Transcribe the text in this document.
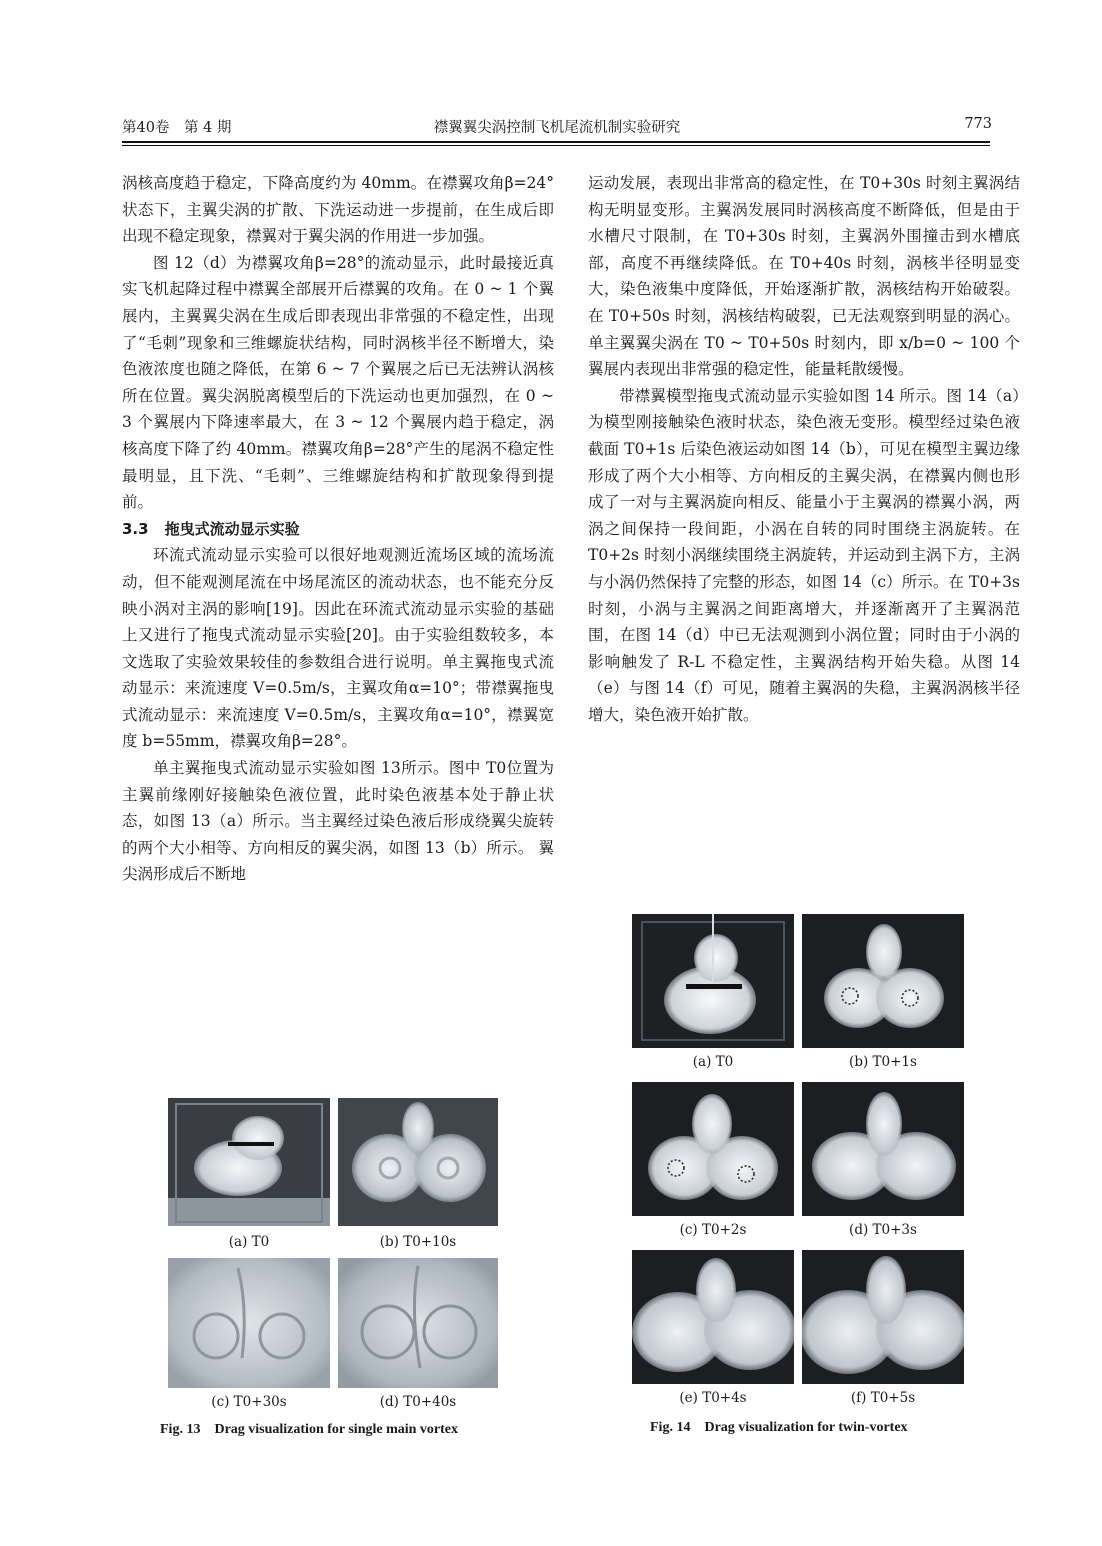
第40卷　第 4 期	襟翼翼尖涡控制飞机尾流机制实验研究	773

涡核高度趋于稳定，下降高度约为 40mm。在襟翼攻角β=24°状态下，主翼尖涡的扩散、下洗运动进一步提前，在生成后即出现不稳定现象，襟翼对于翼尖涡的作用进一步加强。

图 12（d）为襟翼攻角β=28°的流动显示，此时最接近真实飞机起降过程中襟翼全部展开后襟翼的攻角。在 0 ~ 1 个翼展内，主翼翼尖涡在生成后即表现出非常强的不稳定性，出现了“毛刺”现象和三维螺旋状结构，同时涡核半径不断增大，染色液浓度也随之降低，在第 6 ~ 7 个翼展之后已无法辨认涡核所在位置。翼尖涡脱离模型后的下洗运动也更加强烈，在 0 ~ 3 个翼展内下降速率最大，在 3 ~ 12 个翼展内趋于稳定，涡核高度下降了约 40mm。襟翼攻角β=28°产生的尾涡不稳定性最明显，且下洗、“毛刺”、三维螺旋结构和扩散现象得到提前。

3.3 拖曳式流动显示实验

环流式流动显示实验可以很好地观测近流场区域的流场流动，但不能观测尾流在中场尾流区的流动状态，也不能充分反映小涡对主涡的影响[19]。因此在环流式流动显示实验的基础上又进行了拖曳式流动显示实验[20]。由于实验组数较多，本文选取了实验效果较佳的参数组合进行说明。单主翼拖曳式流动显示：来流速度 V=0.5m/s，主翼攻角α=10°；带襟翼拖曳式流动显示：来流速度 V=0.5m/s，主翼攻角α=10°，襟翼宽度 b=55mm，襟翼攻角β=28°。

单主翼拖曳式流动显示实验如图 13所示。图中 T0位置为主翼前缘刚好接触染色液位置，此时染色液基本处于静止状态，如图 13（a）所示。当主翼经过染色液后形成绕翼尖旋转的两个大小相等、方向相反的翼尖涡，如图 13（b）所示。 翼尖涡形成后不断地

运动发展，表现出非常高的稳定性，在 T0+30s 时刻主翼涡结构无明显变形。主翼涡发展同时涡核高度不断降低，但是由于水槽尺寸限制，在 T0+30s 时刻，主翼涡外围撞击到水槽底部，高度不再继续降低。在 T0+40s 时刻，涡核半径明显变大，染色液集中度降低，开始逐渐扩散，涡核结构开始破裂。在 T0+50s 时刻，涡核结构破裂，已无法观察到明显的涡心。单主翼翼尖涡在 T0 ~ T0+50s 时刻内，即 x/b=0 ~ 100 个翼展内表现出非常强的稳定性，能量耗散缓慢。

带襟翼模型拖曳式流动显示实验如图 14 所示。图 14（a）为模型刚接触染色液时状态，染色液无变形。模型经过染色液截面 T0+1s 后染色液运动如图 14（b），可见在模型主翼边缘形成了两个大小相等、方向相反的主翼尖涡，在襟翼内侧也形成了一对与主翼涡旋向相反、能量小于主翼涡的襟翼小涡，两涡之间保持一段间距，小涡在自转的同时围绕主涡旋转。在 T0+2s 时刻小涡继续围绕主涡旋转，并运动到主涡下方，主涡与小涡仍然保持了完整的形态，如图 14（c）所示。在 T0+3s 时刻，小涡与主翼涡之间距离增大，并逐渐离开了主翼涡范围，在图 14（d）中已无法观测到小涡位置；同时由于小涡的影响触发了 R-L 不稳定性，主翼涡结构开始失稳。从图 14（e）与图 14（f）可见，随着主翼涡的失稳，主翼涡涡核半径增大，染色液开始扩散。

(a) T0	(b) T0+10s
(c) T0+30s	(d) T0+40s
Fig. 13 Drag visualization for single main vortex
(a) T0	(b) T0+1s
(c) T0+2s	(d) T0+3s
(e) T0+4s	(f) T0+5s
Fig. 14 Drag visualization for twin-vortex
